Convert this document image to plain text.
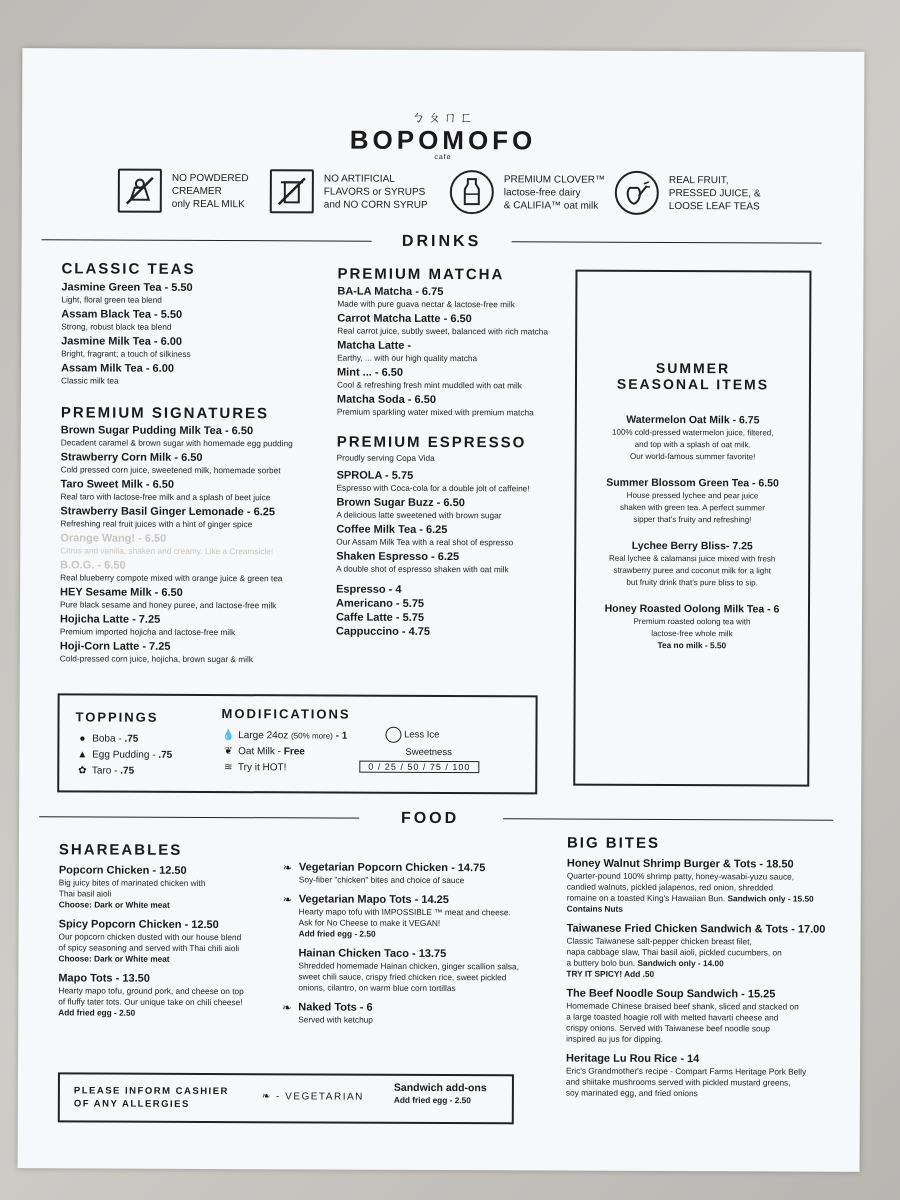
ㄅㄆㄇㄈ
BOPOMOFO
cafe
NO POWDERED
CREAMER
only REAL MILK
NO ARTIFICIAL
FLAVORS or SYRUPS
and NO CORN SYRUP
PREMIUM CLOVER™
lactose-free dairy
& CALIFIA™ oat milk
REAL FRUIT,
PRESSED JUICE, &
LOOSE LEAF TEAS
DRINKS
CLASSIC TEAS
Jasmine Green Tea - 5.50
Light, floral green tea blend
Assam Black Tea - 5.50
Strong, robust black tea blend
Jasmine Milk Tea - 6.00
Bright, fragrant; a touch of silkiness
Assam Milk Tea - 6.00
Classic milk tea
PREMIUM SIGNATURES
Brown Sugar Pudding Milk Tea - 6.50
Decadent caramel & brown sugar with homemade egg pudding
Strawberry Corn Milk - 6.50
Cold pressed corn juice, sweetened milk, homemade sorbet
Taro Sweet Milk - 6.50
Real taro with lactose-free milk and a splash of beet juice
Strawberry Basil Ginger Lemonade - 6.25
Refreshing real fruit juices with a hint of ginger spice
Orange Wang! - 6.50
Citrus and vanilla, shaken and creamy. Like a Creamsicle!
B.O.G. - 6.50
Real blueberry compote mixed with orange juice & green tea
HEY Sesame Milk - 6.50
Pure black sesame and honey puree, and lactose-free milk
Hojicha Latte - 7.25
Premium imported hojicha and lactose-free milk
Hoji-Corn Latte - 7.25
Cold-pressed corn juice, hojicha, brown sugar & milk
PREMIUM MATCHA
BA-LA Matcha - 6.75
Made with pure guava nectar & lactose-free milk
Carrot Matcha Latte - 6.50
Real carrot juice, subtly sweet, balanced with rich matcha
Matcha Latte -
Earthy, ... with our high quality matcha
Mint ... - 6.50
Cool & refreshing fresh mint muddled with oat milk
Matcha Soda - 6.50
Premium sparkling water mixed with premium matcha
PREMIUM ESPRESSO
Proudly serving Copa Vida
SPROLA - 5.75
Espresso with Coca-cola for a double jolt of caffeine!
Brown Sugar Buzz - 6.50
A delicious latte sweetened with brown sugar
Coffee Milk Tea - 6.25
Our Assam Milk Tea with a real shot of espresso
Shaken Espresso - 6.25
A double shot of espresso shaken with oat milk
Espresso - 4
Americano - 5.75
Caffe Latte - 5.75
Cappuccino - 4.75
SUMMER
SEASONAL ITEMS
Watermelon Oat Milk - 6.75
100% cold-pressed watermelon juice, filtered,
and top with a splash of oat milk.
Our world-famous summer favorite!
Summer Blossom Green Tea - 6.50
House pressed lychee and pear juice
shaken with green tea. A perfect summer
sipper that's fruity and refreshing!
Lychee Berry Bliss- 7.25
Real lychee & calamansi juice mixed with fresh
strawberry puree and coconut milk for a light
but fruity drink that's pure bliss to sip.
Honey Roasted Oolong Milk Tea - 6
Premium roasted oolong tea with
lactose-free whole milk
Tea no milk - 5.50
TOPPINGS
● Boba - .75
▲ Egg Pudding - .75
✿ Taro - .75
MODIFICATIONS
💧 Large 24oz (50% more) - 1
❦ Oat Milk - Free
≋ Try it HOT!
Less Ice
Sweetness
0 / 25 / 50 / 75 / 100
FOOD
SHAREABLES
Popcorn Chicken - 12.50
Big juicy bites of marinated chicken with
Thai basil aioli
Choose: Dark or White meat
Spicy Popcorn Chicken - 12.50
Our popcorn chicken dusted with our house blend
of spicy seasoning and served with Thai chili aioli
Choose: Dark or White meat
Mapo Tots - 13.50
Hearty mapo tofu, ground pork, and cheese on top
of fluffy tater tots. Our unique take on chili cheese!
Add fried egg - 2.50
❧ Vegetarian Popcorn Chicken - 14.75
Soy-fiber "chicken" bites and choice of sauce
❧ Vegetarian Mapo Tots - 14.25
Hearty mapo tofu with IMPOSSIBLE ™ meat and cheese.
Ask for No Cheese to make it VEGAN!
Add fried egg - 2.50
Hainan Chicken Taco - 13.75
Shredded homemade Hainan chicken, ginger scallion salsa,
sweet chili sauce, crispy fried chicken rice, sweet pickled
onions, cilantro, on warm blue corn tortillas
❧ Naked Tots - 6
Served with ketchup
BIG BITES
Honey Walnut Shrimp Burger & Tots - 18.50
Quarter-pound 100% shrimp patty, honey-wasabi-yuzu sauce,
candied walnuts, pickled jalapenos, red onion, shredded
romaine on a toasted King's Hawaiian Bun. Sandwich only - 15.50
Contains Nuts
Taiwanese Fried Chicken Sandwich & Tots - 17.00
Classic Taiwanese salt-pepper chicken breast filet,
napa cabbage slaw, Thai basil aioli, pickled cucumbers, on
a buttery bolo bun. Sandwich only - 14.00
TRY IT SPICY! Add .50
The Beef Noodle Soup Sandwich - 15.25
Homemade Chinese braised beef shank, sliced and stacked on
a large toasted hoagie roll with melted havarti cheese and
crispy onions. Served with Taiwanese beef noodle soup
inspired au jus for dipping.
Heritage Lu Rou Rice - 14
Eric's Grandmother's recipe - Compart Farms Heritage Pork Belly
and shiitake mushrooms served with pickled mustard greens,
soy marinated egg, and fried onions
PLEASE INFORM CASHIER
OF ANY ALLERGIES
❧ - VEGETARIAN
Sandwich add-ons
Add fried egg - 2.50
